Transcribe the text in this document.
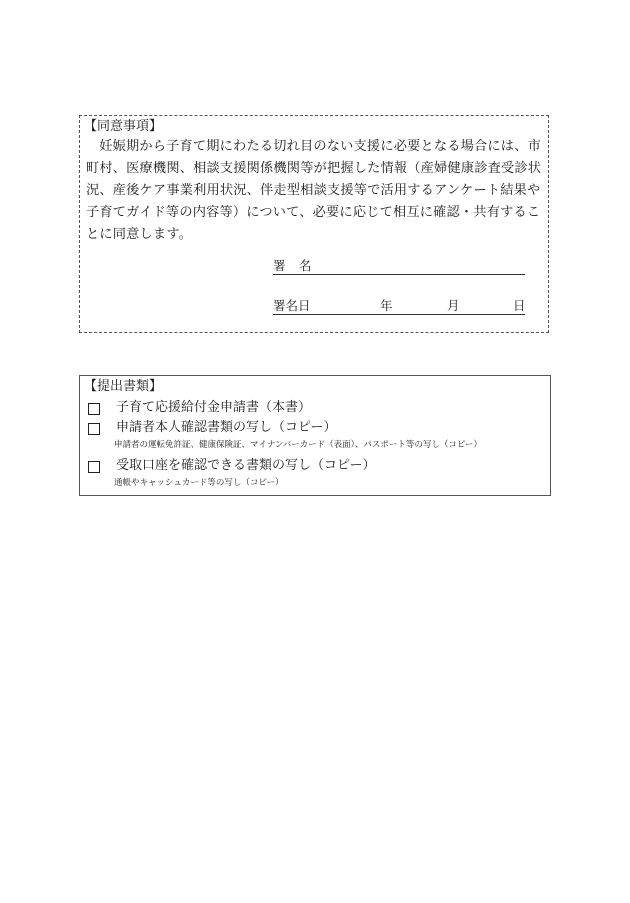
【同意事項】
妊娠期から子育て期にわたる切れ目のない支援に必要となる場合には、市
町村、医療機関、相談支援関係機関等が把握した情報（産婦健康診査受診状
況、産後ケア事業利用状況、伴走型相談支援等で活用するアンケート結果や
子育てガイド等の内容等）について、必要に応じて相互に確認・共有するこ
とに同意します。
署 名
署名日	年	月	日
【提出書類】
子育て応援給付金申請書（本書）
申請者本人確認書類の写し（コピー）
申請者の運転免許証、健康保険証、マイナンバーカード（表面）、パスポート等の写し（コピー）
受取口座を確認できる書類の写し（コピー）
通帳やキャッシュカード等の写し（コピー）
